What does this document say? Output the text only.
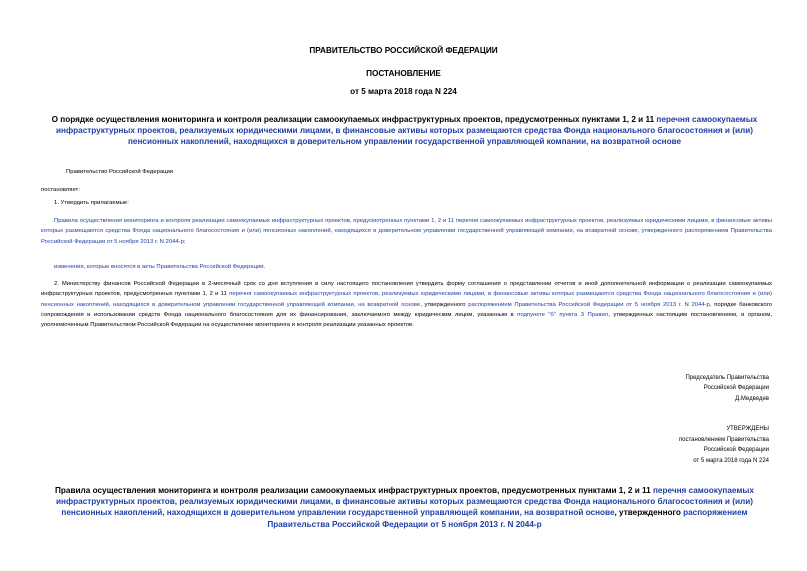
ПРАВИТЕЛЬСТВО РОССИЙСКОЙ ФЕДЕРАЦИИ
ПОСТАНОВЛЕНИЕ
от 5 марта 2018 года N 224
О порядке осуществления мониторинга и контроля реализации самоокупаемых инфраструктурных проектов, предусмотренных пунктами 1, 2 и 11 перечня самоокупаемых инфраструктурных проектов, реализуемых юридическими лицами, в финансовые активы которых размещаются средства Фонда национального благосостояния и (или) пенсионных накоплений, находящихся в доверительном управлении государственной управляющей компании, на возвратной основе
Правительство Российской Федерации
постановляет:
1. Утвердить прилагаемые:

Правила осуществления мониторинга и контроля реализации самоокупаемых инфраструктурных проектов, предусмотренных пунктами 1, 2 и 11 перечня самоокупаемых инфраструктурных проектов, реализуемых юридическими лицами, в финансовые активы которых размещаются средства Фонда национального благосостояния и (или) пенсионных накоплений, находящихся в доверительном управлении государственной управляющей компании, на возвратной основе, утвержденного распоряжением Правительства Российской Федерации от 5 ноября 2013 г. N 2044-р;

изменения, которые вносятся в акты Правительства Российской Федерации.

2. Министерству финансов Российской Федерации в 2-месячный срок со дня вступления в силу настоящего постановления утвердить форму соглашения о представлении отчетов и иной дополнительной информации о реализации самоокупаемых инфраструктурных проектов, предусмотренных пунктами 1, 2 и 11 перечня самоокупаемых инфраструктурных проектов, реализуемых юридическими лицами, в финансовые активы которых размещаются средства Фонда национального благосостояния и (или) пенсионных накоплений, находящихся в доверительном управлении государственной управляющей компании, на возвратной основе, утвержденного распоряжением Правительства Российской Федерации от 5 ноября 2013 г. N 2044-р, порядке банковского сопровождения и использовании средств Фонда национального благосостояния для их финансирования, заключаемого между юридическим лицом, указанным в подпункте "б" пункта 3 Правил, утвержденных настоящим постановлением, и органом, уполномоченным Правительством Российской Федерации на осуществление мониторинга и контроля реализации указанных проектов.

Председатель Правительства
Российской Федерации
Д.Медведев
УТВЕРЖДЕНЫ
постановлением Правительства
Российской Федерации
от 5 марта 2018 года N 224
Правила осуществления мониторинга и контроля реализации самоокупаемых инфраструктурных проектов, предусмотренных пунктами 1, 2 и 11 перечня самоокупаемых инфраструктурных проектов, реализуемых юридическими лицами, в финансовые активы которых размещаются средства Фонда национального благосостояния и (или) пенсионных накоплений, находящихся в доверительном управлении государственной управляющей компании, на возвратной основе, утвержденного распоряжением Правительства Российской Федерации от 5 ноября 2013 г. N 2044-р
